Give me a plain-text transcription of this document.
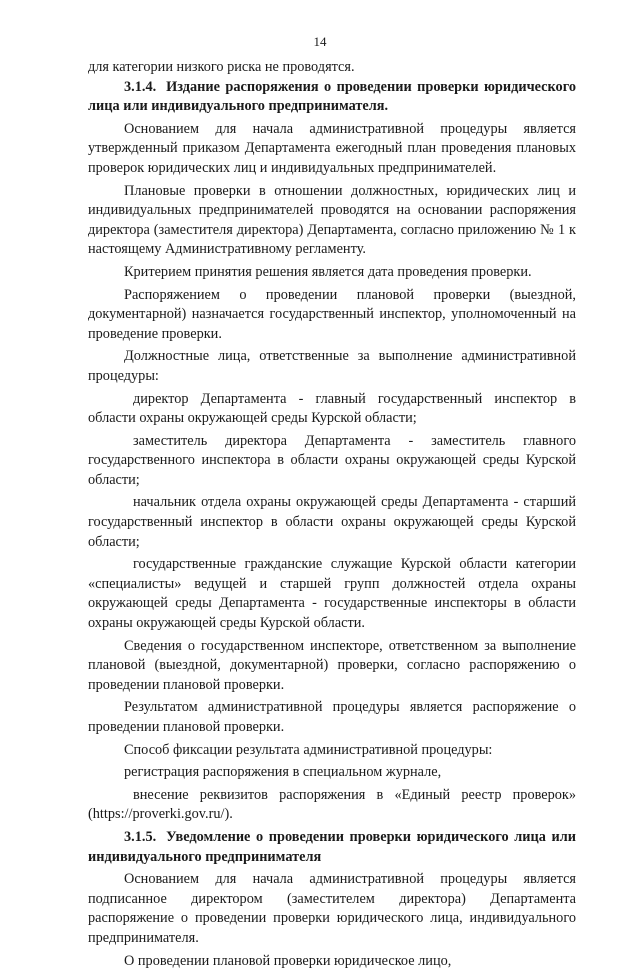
14

для категории низкого риска не проводятся.

3.1.4. Издание распоряжения о проведении проверки юридического лица или индивидуального предпринимателя.

Основанием для начала административной процедуры является утвержденный приказом Департамента ежегодный план проведения плановых проверок юридических лиц и индивидуальных предпринимателей.

Плановые проверки в отношении должностных, юридических лиц и индивидуальных предпринимателей проводятся на основании распоряжения директора (заместителя директора) Департамента, согласно приложению № 1 к настоящему Административному регламенту.

Критерием принятия решения является дата проведения проверки.

Распоряжением о проведении плановой проверки (выездной, документарной) назначается государственный инспектор, уполномоченный на проведение проверки.

Должностные лица, ответственные за выполнение административной процедуры:

директор Департамента - главный государственный инспектор в области охраны окружающей среды Курской области;

заместитель директора Департамента - заместитель главного государственного инспектора в области охраны окружающей среды Курской области;

начальник отдела охраны окружающей среды Департамента - старший государственный инспектор в области охраны окружающей среды Курской области;

государственные гражданские служащие Курской области категории «специалисты» ведущей и старшей групп должностей отдела охраны окружающей среды Департамента - государственные инспекторы в области охраны окружающей среды Курской области.

Сведения о государственном инспекторе, ответственном за выполнение плановой (выездной, документарной) проверки, согласно распоряжению о проведении плановой проверки.

Результатом административной процедуры является распоряжение о проведении плановой проверки.

Способ фиксации результата административной процедуры:

регистрация распоряжения в специальном журнале,

внесение реквизитов распоряжения в «Единый реестр проверок» (https://proverki.gov.ru/).

3.1.5. Уведомление о проведении проверки юридического лица или индивидуального предпринимателя

Основанием для начала административной процедуры является подписанное директором (заместителем директора) Департамента распоряжение о проведении проверки юридического лица, индивидуального предпринимателя.

О проведении плановой проверки юридическое лицо,
